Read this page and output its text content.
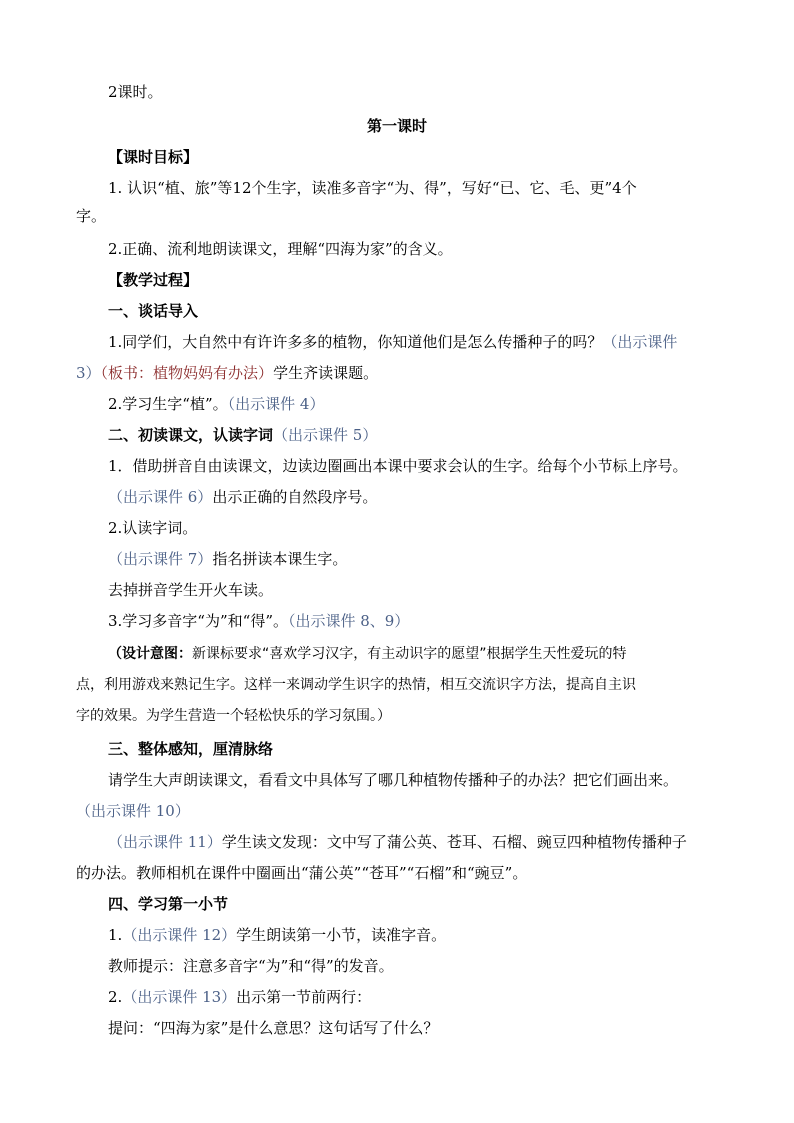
2课时。
第一课时
【课时目标】
1. 认识“植、旅”等12个生字，读准多音字“为、得”，写好“已、它、毛、更”4个
字。
2.正确、流利地朗读课文，理解“四海为家”的含义。
【教学过程】
一、谈话导入
1.同学们，大自然中有许许多多的植物，你知道他们是怎么传播种子的吗？（出示课件
3）（板书：植物妈妈有办法）学生齐读课题。
2.学习生字“植”。（出示课件 4）
二、初读课文，认读字词（出示课件 5）
1．借助拼音自由读课文，边读边圈画出本课中要求会认的生字。给每个小节标上序号。
（出示课件 6）出示正确的自然段序号。
2.认读字词。
（出示课件 7）指名拼读本课生字。
去掉拼音学生开火车读。
3.学习多音字“为”和“得”。（出示课件 8、9）
（设计意图：新课标要求“喜欢学习汉字，有主动识字的愿望”根据学生天性爱玩的特
点，利用游戏来熟记生字。这样一来调动学生识字的热情，相互交流识字方法，提高自主识
字的效果。为学生营造一个轻松快乐的学习氛围。）
三、整体感知，厘清脉络
请学生大声朗读课文，看看文中具体写了哪几种植物传播种子的办法？把它们画出来。
（出示课件 10）
（出示课件 11）学生读文发现：文中写了蒲公英、苍耳、石榴、豌豆四种植物传播种子
的办法。教师相机在课件中圈画出“蒲公英”“苍耳”“石榴”和“豌豆”。
四、学习第一小节
1.（出示课件 12）学生朗读第一小节，读准字音。
教师提示：注意多音字“为”和“得”的发音。
2.（出示课件 13）出示第一节前两行：
提问：“四海为家”是什么意思？这句话写了什么？
